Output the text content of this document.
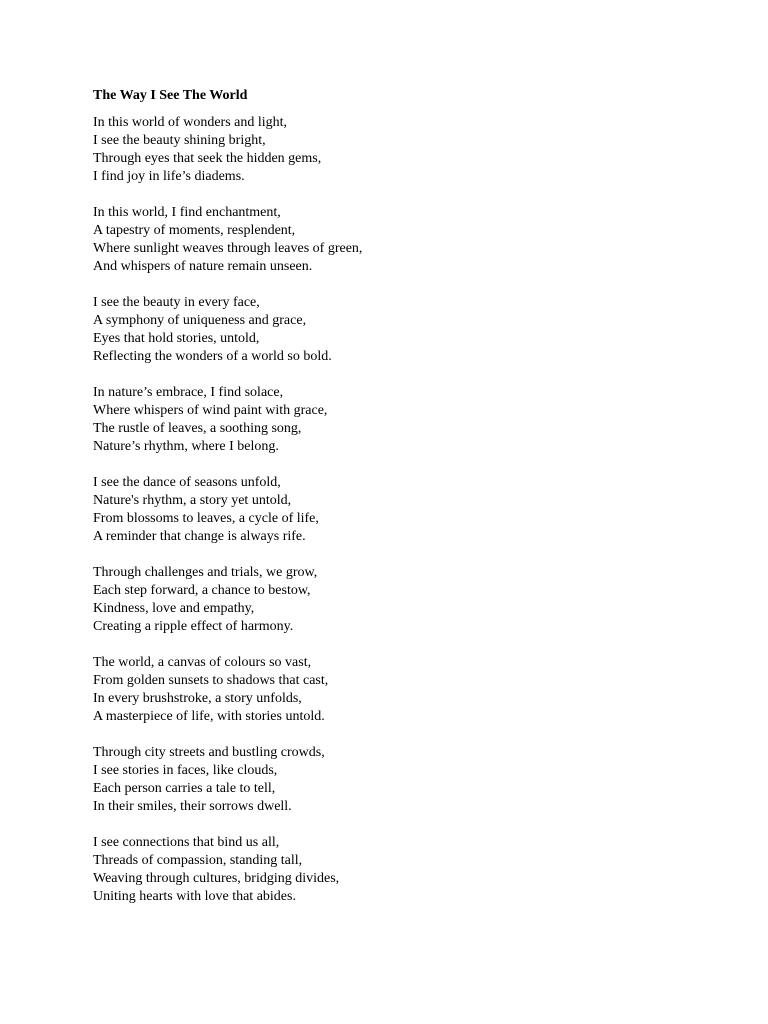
The Way I See The World
In this world of wonders and light,
I see the beauty shining bright,
Through eyes that seek the hidden gems,
I find joy in life’s diadems.
In this world, I find enchantment,
A tapestry of moments, resplendent,
Where sunlight weaves through leaves of green,
And whispers of nature remain unseen.
I see the beauty in every face,
A symphony of uniqueness and grace,
Eyes that hold stories, untold,
Reflecting the wonders of a world so bold.
In nature’s embrace, I find solace,
Where whispers of wind paint with grace,
The rustle of leaves, a soothing song,
Nature’s rhythm, where I belong.
I see the dance of seasons unfold,
Nature's rhythm, a story yet untold,
From blossoms to leaves, a cycle of life,
A reminder that change is always rife.
Through challenges and trials, we grow,
Each step forward, a chance to bestow,
Kindness, love and empathy,
Creating a ripple effect of harmony.
The world, a canvas of colours so vast,
From golden sunsets to shadows that cast,
In every brushstroke, a story unfolds,
A masterpiece of life, with stories untold.
Through city streets and bustling crowds,
I see stories in faces, like clouds,
Each person carries a tale to tell,
In their smiles, their sorrows dwell.
I see connections that bind us all,
Threads of compassion, standing tall,
Weaving through cultures, bridging divides,
Uniting hearts with love that abides.
